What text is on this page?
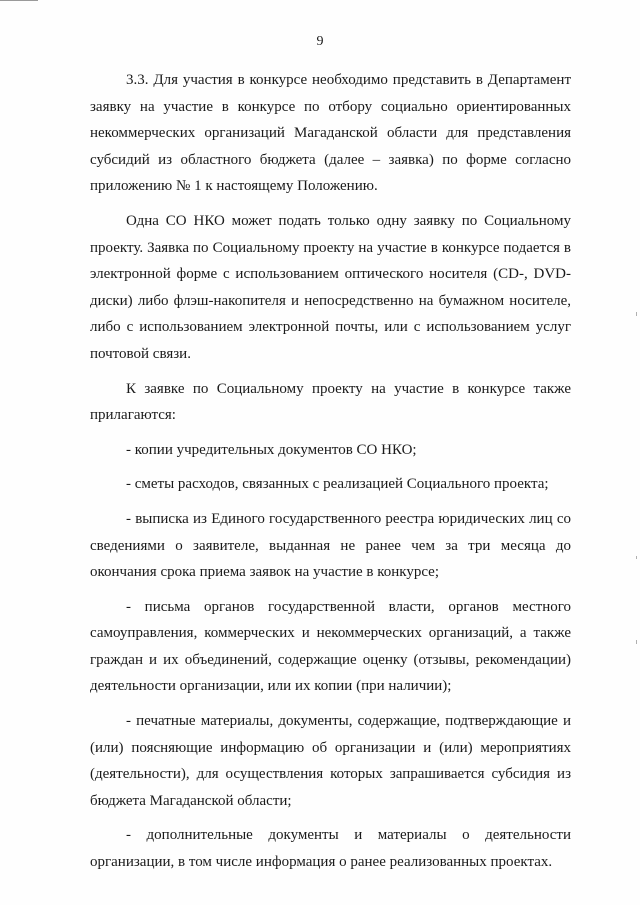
9

3.3. Для участия в конкурсе необходимо представить в Департамент заявку на участие в конкурсе по отбору социально ориентированных некоммерческих организаций Магаданской области для представления субсидий из областного бюджета (далее – заявка) по форме согласно приложению № 1 к настоящему Положению.

Одна СО НКО может подать только одну заявку по Социальному проекту. Заявка по Социальному проекту на участие в конкурсе подается в электронной форме с использованием оптического носителя (CD-, DVD-диски) либо флэш-накопителя и непосредственно на бумажном носителе, либо с использованием электронной почты, или с использованием услуг почтовой связи.

К заявке по Социальному проекту на участие в конкурсе также прилагаются:

- копии учредительных документов СО НКО;

- сметы расходов, связанных с реализацией Социального проекта;

- выписка из Единого государственного реестра юридических лиц со сведениями о заявителе, выданная не ранее чем за три месяца до окончания срока приема заявок на участие в конкурсе;

- письма органов государственной власти, органов местного самоуправления, коммерческих и некоммерческих организаций, а также граждан и их объединений, содержащие оценку (отзывы, рекомендации) деятельности организации, или их копии (при наличии);

- печатные материалы, документы, содержащие, подтверждающие и (или) поясняющие информацию об организации и (или) мероприятиях (деятельности), для осуществления которых запрашивается субсидия из бюджета Магаданской области;

- дополнительные документы и материалы о деятельности организации, в том числе информация о ранее реализованных проектах.
